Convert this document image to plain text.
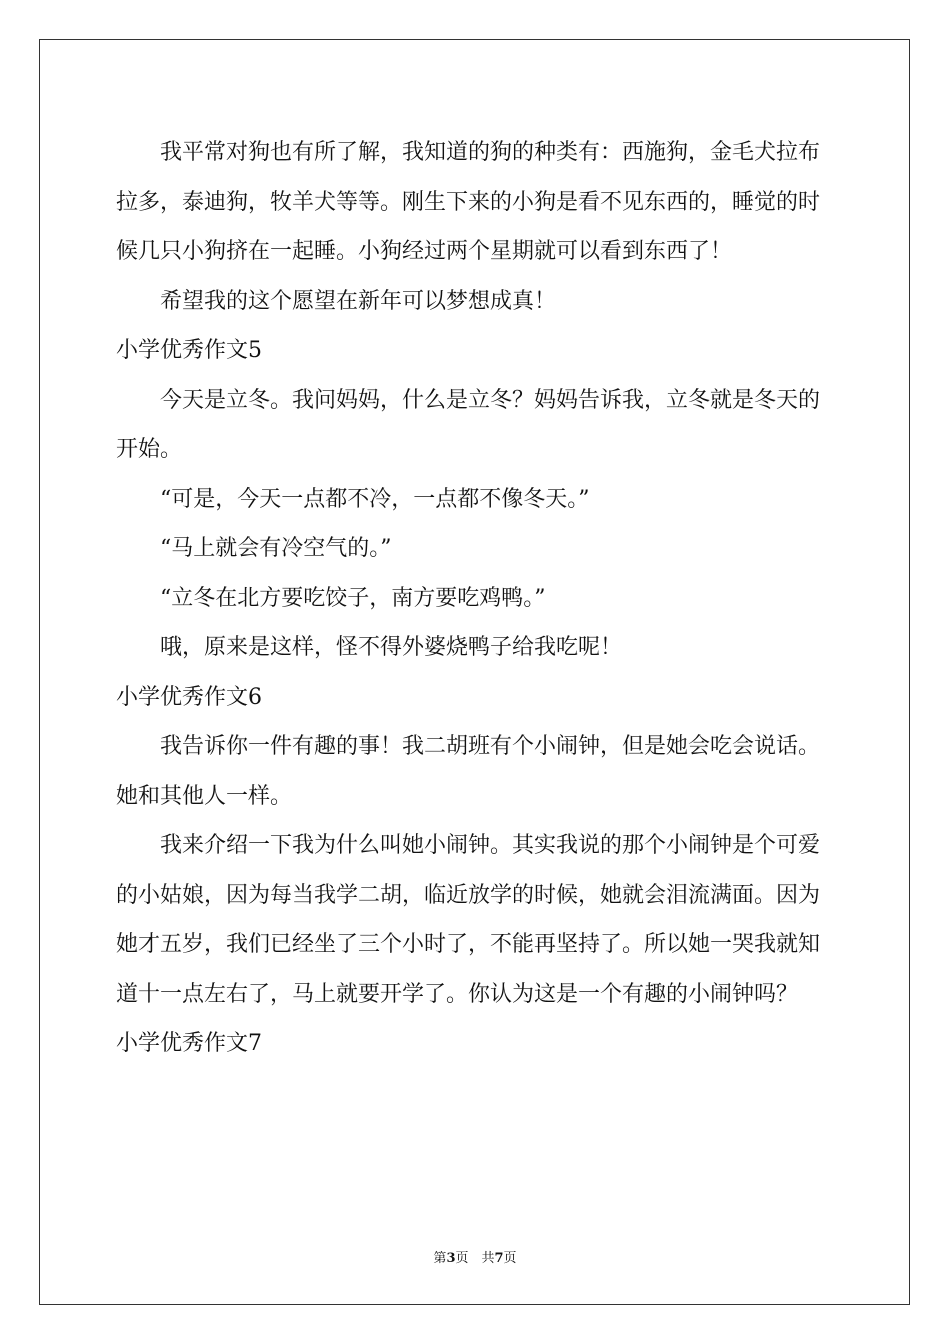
我平常对狗也有所了解，我知道的狗的种类有：西施狗，金毛犬拉布拉多，泰迪狗，牧羊犬等等。刚生下来的小狗是看不见东西的，睡觉的时候几只小狗挤在一起睡。小狗经过两个星期就可以看到东西了！

希望我的这个愿望在新年可以梦想成真！

小学优秀作文5

今天是立冬。我问妈妈，什么是立冬？妈妈告诉我，立冬就是冬天的开始。

“可是，今天一点都不冷，一点都不像冬天。”

“马上就会有冷空气的。”

“立冬在北方要吃饺子，南方要吃鸡鸭。”

哦，原来是这样，怪不得外婆烧鸭子给我吃呢！

小学优秀作文6

我告诉你一件有趣的事！我二胡班有个小闹钟，但是她会吃会说话。她和其他人一样。

我来介绍一下我为什么叫她小闹钟。其实我说的那个小闹钟是个可爱的小姑娘，因为每当我学二胡，临近放学的时候，她就会泪流满面。因为她才五岁，我们已经坐了三个小时了，不能再坚持了。所以她一哭我就知道十一点左右了，马上就要开学了。你认为这是一个有趣的小闹钟吗？

小学优秀作文7

第3页　共7页
